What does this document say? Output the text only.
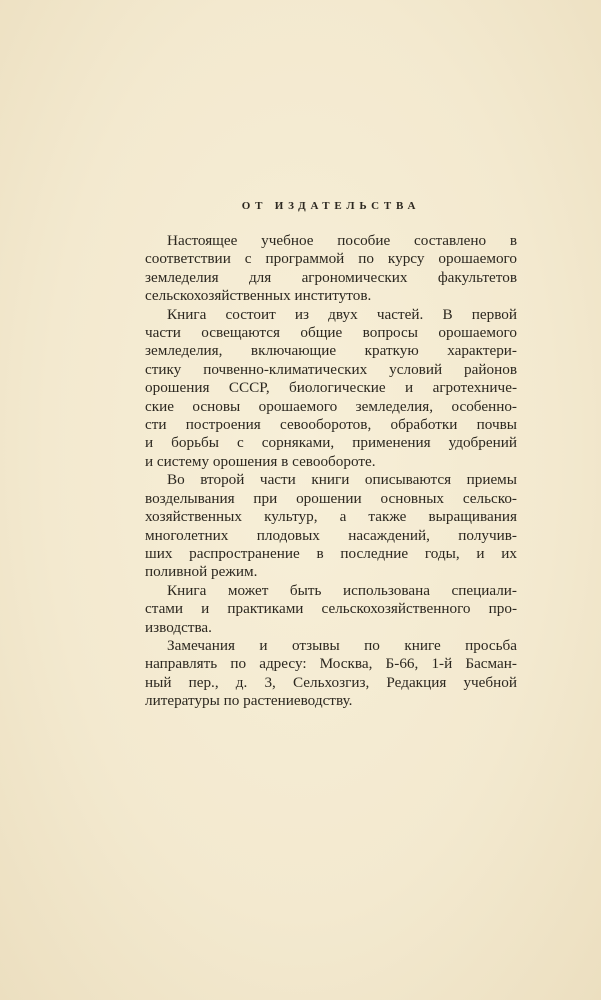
ОТ ИЗДАТЕЛЬСТВА

Настоящее учебное пособие составлено в
соответствии с программой по курсу орошаемого
земледелия для агрономических факультетов
сельскохозяйственных институтов.

Книга состоит из двух частей. В первой
части освещаются общие вопросы орошаемого
земледелия, включающие краткую характери-
стику почвенно-климатических условий районов
орошения СССР, биологические и агротехниче-
ские основы орошаемого земледелия, особенно-
сти построения севооборотов, обработки почвы
и борьбы с сорняками, применения удобрений
и систему орошения в севообороте.

Во второй части книги описываются приемы
возделывания при орошении основных сельско-
хозяйственных культур, а также выращивания
многолетних плодовых насаждений, получив-
ших распространение в последние годы, и их
поливной режим.

Книга может быть использована специали-
стами и практиками сельскохозяйственного про-
изводства.

Замечания и отзывы по книге просьба
направлять по адресу: Москва, Б-66, 1-й Басман-
ный пер., д. 3, Сельхозгиз, Редакция учебной
литературы по растениеводству.
